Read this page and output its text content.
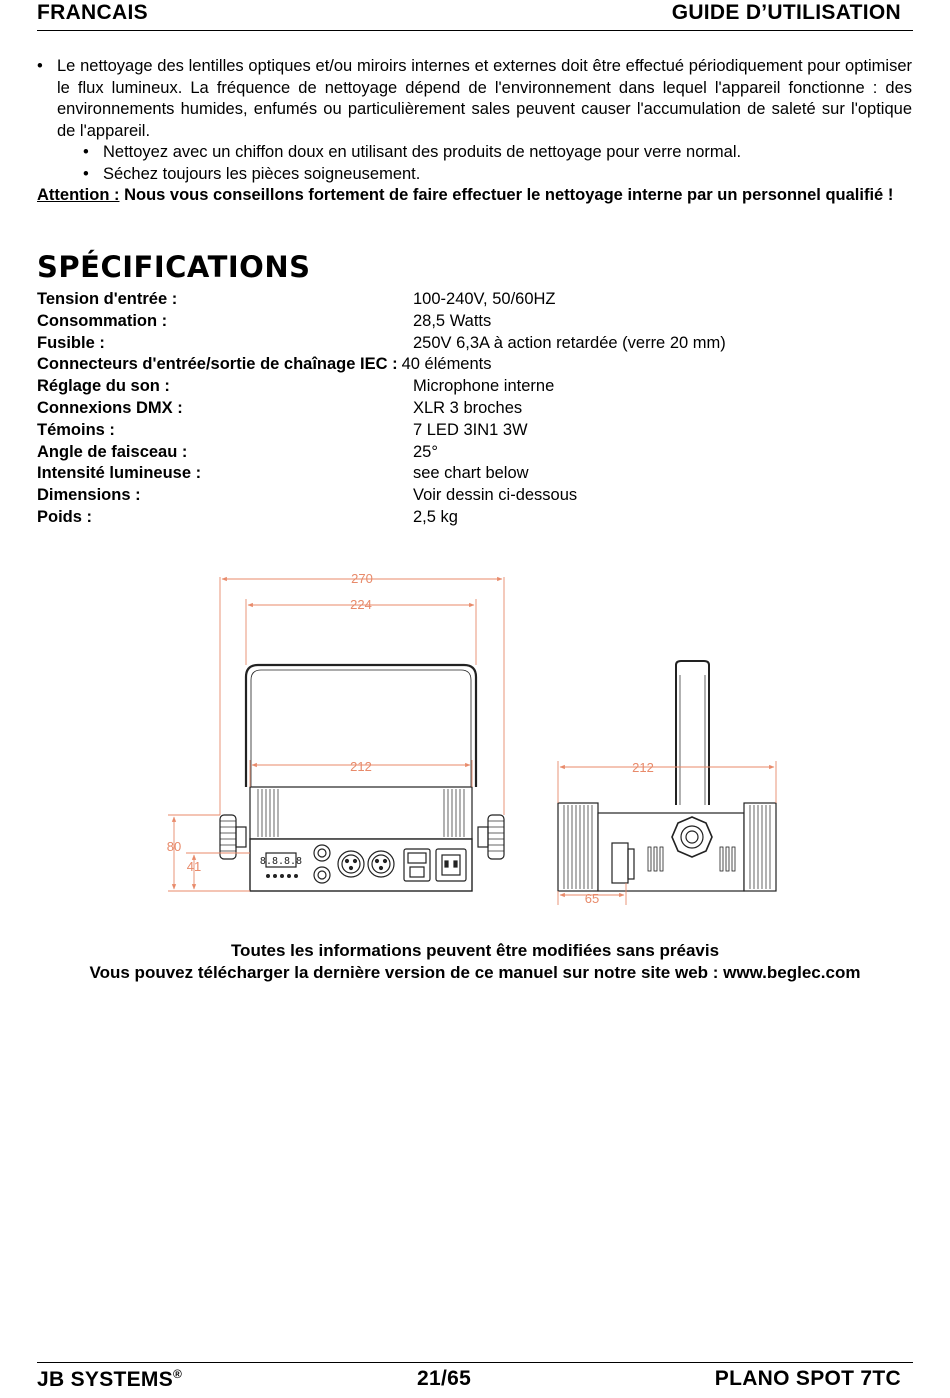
FRANCAIS	GUIDE D’UTILISATION
• Le nettoyage des lentilles optiques et/ou miroirs internes et externes doit être effectué périodiquement pour optimiser le flux lumineux. La fréquence de nettoyage dépend de l'environnement dans lequel l'appareil fonctionne : des environnements humides, enfumés ou particulièrement sales peuvent causer l'accumulation de saleté sur l'optique de l'appareil.
• Nettoyez avec un chiffon doux en utilisant des produits de nettoyage pour verre normal.
• Séchez toujours les pièces soigneusement.
Attention : Nous vous conseillons fortement de faire effectuer le nettoyage interne par un personnel qualifié !
SPÉCIFICATIONS
Tension d'entrée :	100-240V, 50/60HZ
Consommation :	28,5 Watts
Fusible :	250V 6,3A à action retardée (verre 20 mm)
Connecteurs d'entrée/sortie de chaînage IEC : 40 éléments
Réglage du son :	Microphone interne
Connexions DMX :	XLR 3 broches
Témoins :	7 LED 3IN1 3W
Angle de faisceau :	25°
Intensité lumineuse :	see chart below
Dimensions :	Voir dessin ci-dessous
Poids :	2,5 kg
8.8.8.8
270
224
212
80
41
212
65
Toutes les informations peuvent être modifiées sans préavis
Vous pouvez télécharger la dernière version de ce manuel sur notre site web : www.beglec.com
JB SYSTEMS®	21/65	PLANO SPOT 7TC
